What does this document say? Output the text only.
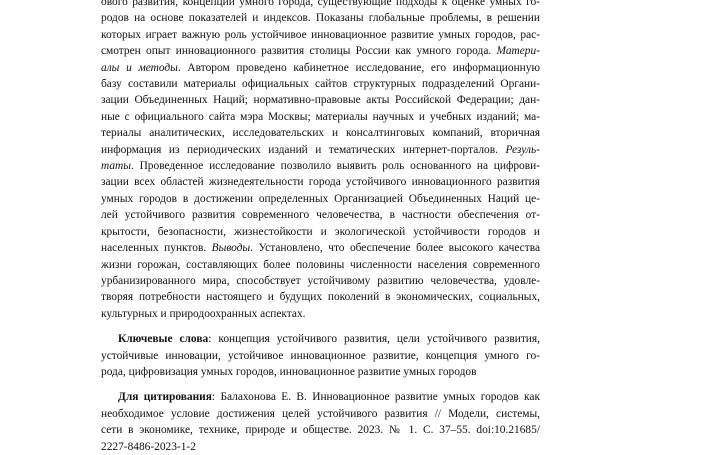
ового развития, концепции умного города, существующие подходы к оценке умных го-
родов на основе показателей и индексов. Показаны глобальные проблемы, в решении
которых играет важную роль устойчивое инновационное развитие умных городов, рас-
смотрен опыт инновационного развития столицы России как умного города. Матери-
алы и методы. Автором проведено кабинетное исследование, его информационную
базу составили материалы официальных сайтов структурных подразделений Органи-
зации Объединенных Наций; нормативно-правовые акты Российской Федерации; дан-
ные с официального сайта мэра Москвы; материалы научных и учебных изданий; ма-
териалы аналитических, исследовательских и консалтинговых компаний, вторичная
информация из периодических изданий и тематических интернет-порталов. Резуль-
таты. Проведенное исследование позволило выявить роль основанного на цифрови-
зации всех областей жизнедеятельности города устойчивого инновационного развития
умных городов в достижении определенных Организацией Объединенных Наций це-
лей устойчивого развития современного человечества, в частности обеспечения от-
крытости, безопасности, жизнестойкости и экологической устойчивости городов и
населенных пунктов. Выводы. Установлено, что обеспечение более высокого качества
жизни горожан, составляющих более половины численности населения современного
урбанизированного мира, способствует устойчивому развитию человечества, удовле-
творяя потребности настоящего и будущих поколений в экономических, социальных,
культурных и природоохранных аспектах.

Ключевые слова: концепция устойчивого развития, цели устойчивого развития,
устойчивые инновации, устойчивое инновационное развитие, концепция умного го-
рода, цифровизация умных городов, инновационное развитие умных городов

Для цитирования: Балахонова Е. В. Инновационное развитие умных городов как
необходимое условие достижения целей устойчивого развития // Модели, системы,
сети в экономике, технике, природе и обществе. 2023. № 1. С. 37–55. doi:10.21685/
2227-8486-2023-1-2
